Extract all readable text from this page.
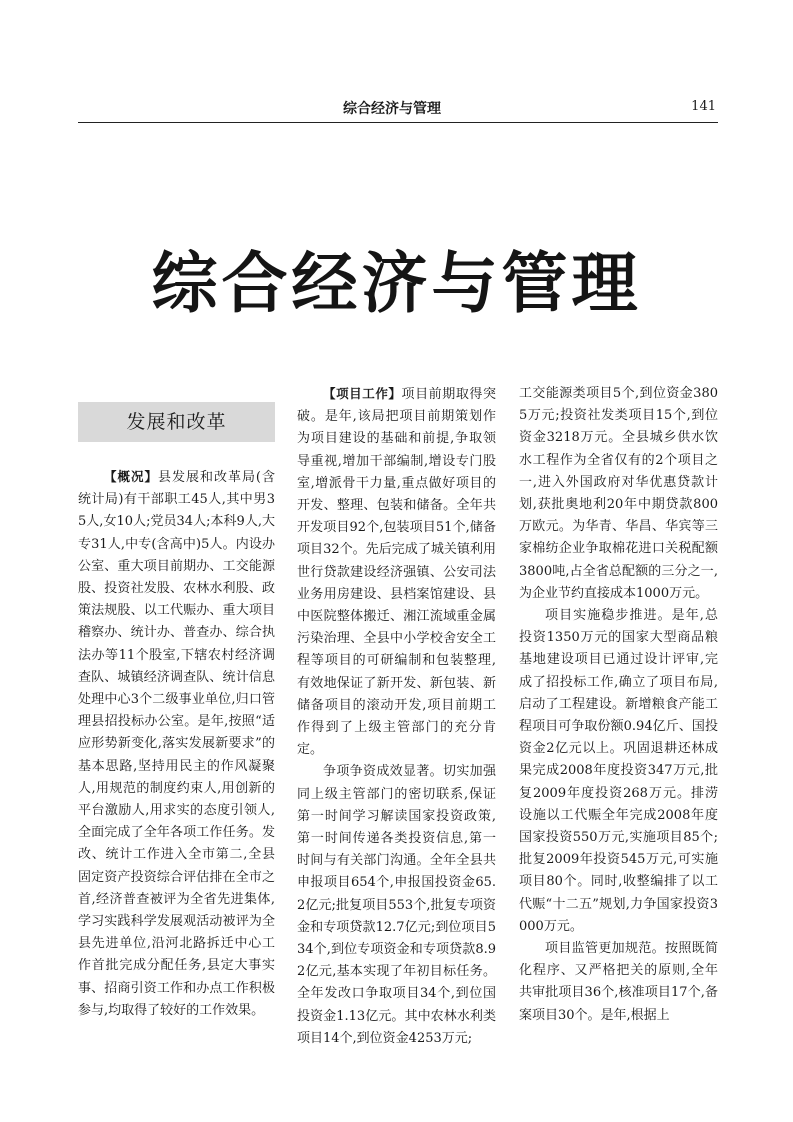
综合经济与管理	141
综合经济与管理
发展和改革

【概况】县发展和改革局(含统计局)有干部职工45人,其中男35人,女10人;党员34人;本科9人,大专31人,中专(含高中)5人。内设办公室、重大项目前期办、工交能源股、投资社发股、农林水利股、政策法规股、以工代赈办、重大项目稽察办、统计办、普查办、综合执法办等11个股室,下辖农村经济调查队、城镇经济调查队、统计信息处理中心3个二级事业单位,归口管理县招投标办公室。是年,按照“适应形势新变化,落实发展新要求”的基本思路,坚持用民主的作风凝聚人,用规范的制度约束人,用创新的平台激励人,用求实的态度引领人,全面完成了全年各项工作任务。发改、统计工作进入全市第二,全县固定资产投资综合评估排在全市之首,经济普查被评为全省先进集体,学习实践科学发展观活动被评为全县先进单位,沿河北路拆迁中心工作首批完成分配任务,县定大事实事、招商引资工作和办点工作积极参与,均取得了较好的工作效果。

【项目工作】项目前期取得突破。是年,该局把项目前期策划作为项目建设的基础和前提,争取领导重视,增加干部编制,增设专门股室,增派骨干力量,重点做好项目的开发、整理、包装和储备。全年共开发项目92个,包装项目51个,储备项目32个。先后完成了城关镇利用世行贷款建设经济强镇、公安司法业务用房建设、县档案馆建设、县中医院整体搬迁、湘江流域重金属污染治理、全县中小学校舍安全工程等项目的可研编制和包装整理,有效地保证了新开发、新包装、新储备项目的滚动开发,项目前期工作得到了上级主管部门的充分肯定。

争项争资成效显著。切实加强同上级主管部门的密切联系,保证第一时间学习解读国家投资政策,第一时间传递各类投资信息,第一时间与有关部门沟通。全年全县共申报项目654个,申报国投资金65.2亿元;批复项目553个,批复专项资金和专项贷款12.7亿元;到位项目534个,到位专项资金和专项贷款8.92亿元,基本实现了年初目标任务。全年发改口争取项目34个,到位国投资金1.13亿元。其中农林水利类项目14个,到位资金4253万元;

工交能源类项目5个,到位资金3805万元;投资社发类项目15个,到位资金3218万元。全县城乡供水饮水工程作为全省仅有的2个项目之一,进入外国政府对华优惠贷款计划,获批奥地利20年中期贷款800万欧元。为华青、华昌、华宾等三家棉纺企业争取棉花进口关税配额3800吨,占全省总配额的三分之一,为企业节约直接成本1000万元。

项目实施稳步推进。是年,总投资1350万元的国家大型商品粮基地建设项目已通过设计评审,完成了招投标工作,确立了项目布局,启动了工程建设。新增粮食产能工程项目可争取份额0.94亿斤、国投资金2亿元以上。巩固退耕还林成果完成2008年度投资347万元,批复2009年度投资268万元。排涝设施以工代赈全年完成2008年度国家投资550万元,实施项目85个;批复2009年投资545万元,可实施项目80个。同时,收整编排了以工代赈“十二五”规划,力争国家投资3000万元。

项目监管更加规范。按照既简化程序、又严格把关的原则,全年共审批项目36个,核准项目17个,备案项目30个。是年,根据上
